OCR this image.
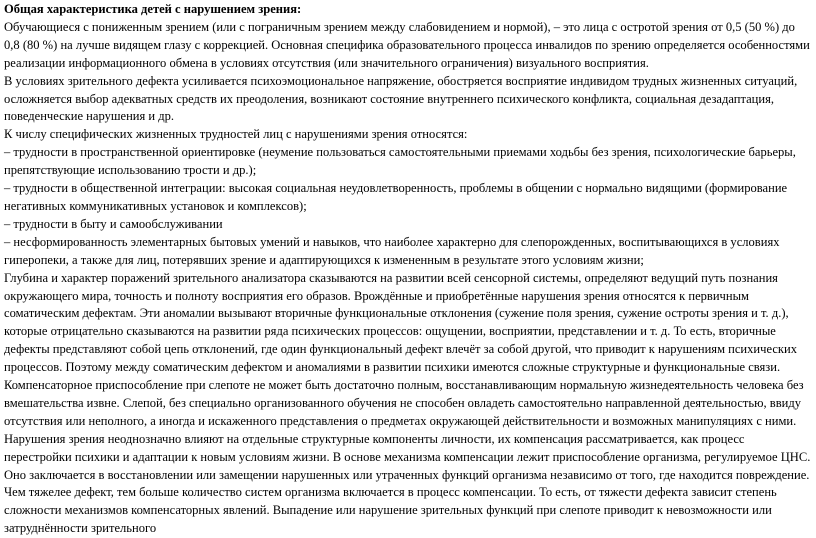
Общая характеристика детей с нарушением зрения:

Обучающиеся с пониженным зрением (или с пограничным зрением между слабовидением и нормой), – это лица с остротой зрения от 0,5 (50 %) до 0,8 (80 %) на лучше видящем глазу с коррекцией. Основная специфика образовательного процесса инвалидов по зрению определяется особенностями реализации информационного обмена в условиях отсутствия (или значительного ограничения) визуального восприятия.

В условиях зрительного дефекта усиливается психоэмоциональное напряжение, обостряется восприятие индивидом трудных жизненных ситуаций, осложняется выбор адекватных средств их преодоления, возникают состояние внутреннего психического конфликта, социальная дезадаптация, поведенческие нарушения и др.

К числу специфических жизненных трудностей лиц с нарушениями зрения относятся:

– трудности в пространственной ориентировке (неумение пользоваться самостоятельными приемами ходьбы без зрения, психологические барьеры, препятствующие использованию трости и др.);

– трудности в общественной интеграции: высокая социальная неудовлетворенность, проблемы в общении с нормально видящими (формирование негативных коммуникативных установок и комплексов);

– трудности в быту и самообслуживании

– несформированность элементарных бытовых умений и навыков, что наиболее характерно для слепорожденных, воспитывающихся в условиях гиперопеки, а также для лиц, потерявших зрение и адаптирующихся к измененным в результате этого условиям жизни;

Глубина и характер поражений зрительного анализатора сказываются на развитии всей сенсорной системы, определяют ведущий путь познания окружающего мира, точность и полноту восприятия его образов. Врождённые и приобретённые нарушения зрения относятся к первичным соматическим дефектам. Эти аномалии вызывают вторичные функциональные отклонения (сужение поля зрения, сужение остроты зрения и т. д.), которые отрицательно сказываются на развитии ряда психических процессов: ощущении, восприятии, представлении и т. д. То есть, вторичные дефекты представляют собой цепь отклонений, где один функциональный дефект влечёт за собой другой, что приводит к нарушениям психических процессов. Поэтому между соматическим дефектом и аномалиями в развитии психики имеются сложные структурные и функциональные связи. Компенсаторное приспособление при слепоте не может быть достаточно полным, восстанавливающим нормальную жизнедеятельность человека без вмешательства извне. Слепой, без специально организованного обучения не способен овладеть самостоятельно направленной деятельностью, ввиду отсутствия или неполного, а иногда и искаженного представления о предметах окружающей действительности и возможных манипуляциях с ними.

Нарушения зрения неоднозначно влияют на отдельные структурные компоненты личности, их компенсация рассматривается, как процесс перестройки психики и адаптации к новым условиям жизни. В основе механизма компенсации лежит приспособление организма, регулируемое ЦНС. Оно заключается в восстановлении или замещении нарушенных или утраченных функций организма независимо от того, где находится повреждение. Чем тяжелее дефект, тем больше количество систем организма включается в процесс компенсации. То есть, от тяжести дефекта зависит степень сложности механизмов компенсаторных явлений. Выпадение или нарушение зрительных функций при слепоте приводит к невозможности или затруднённости зрительного
